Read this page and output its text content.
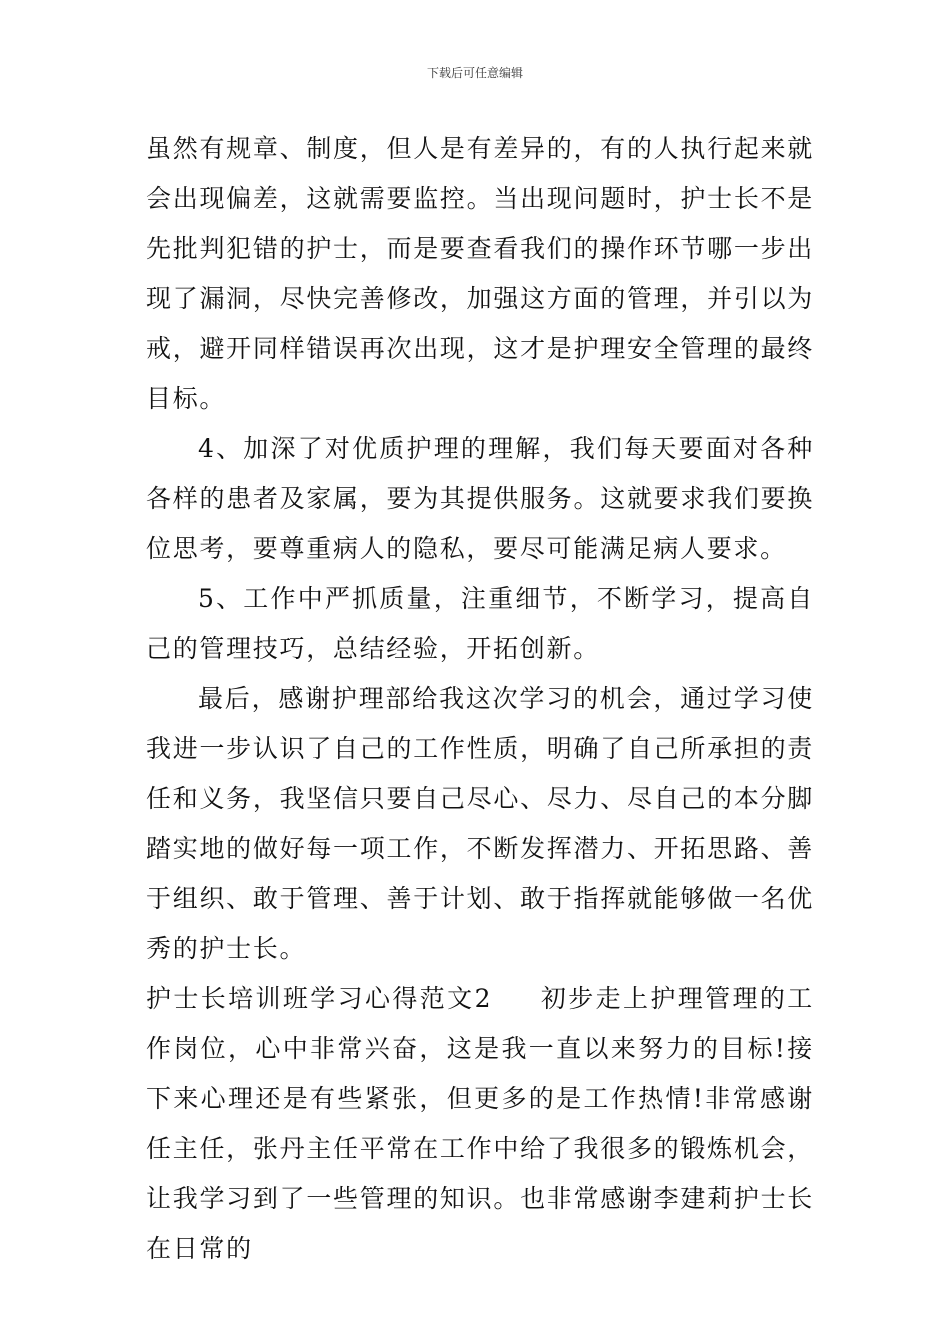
下载后可任意编辑

虽然有规章、制度，但人是有差异的，有的人执行起来就会出现偏差，这就需要监控。当出现问题时，护士长不是先批判犯错的护士，而是要查看我们的操作环节哪一步出现了漏洞，尽快完善修改，加强这方面的管理，并引以为戒，避开同样错误再次出现，这才是护理安全管理的最终目标。

4、加深了对优质护理的理解，我们每天要面对各种各样的患者及家属，要为其提供服务。这就要求我们要换位思考，要尊重病人的隐私，要尽可能满足病人要求。

5、工作中严抓质量，注重细节，不断学习，提高自己的管理技巧，总结经验，开拓创新。

最后，感谢护理部给我这次学习的机会，通过学习使我进一步认识了自己的工作性质，明确了自己所承担的责任和义务，我坚信只要自己尽心、尽力、尽自己的本分脚踏实地的做好每一项工作，不断发挥潜力、开拓思路、善于组织、敢于管理、善于计划、敢于指挥就能够做一名优秀的护士长。

护士长培训班学习心得范文2 初步走上护理管理的工作岗位，心中非常兴奋，这是我一直以来努力的目标!接下来心理还是有些紧张，但更多的是工作热情!非常感谢任主任，张丹主任平常在工作中给了我很多的锻炼机会，让我学习到了一些管理的知识。也非常感谢李建莉护士长在日常的
